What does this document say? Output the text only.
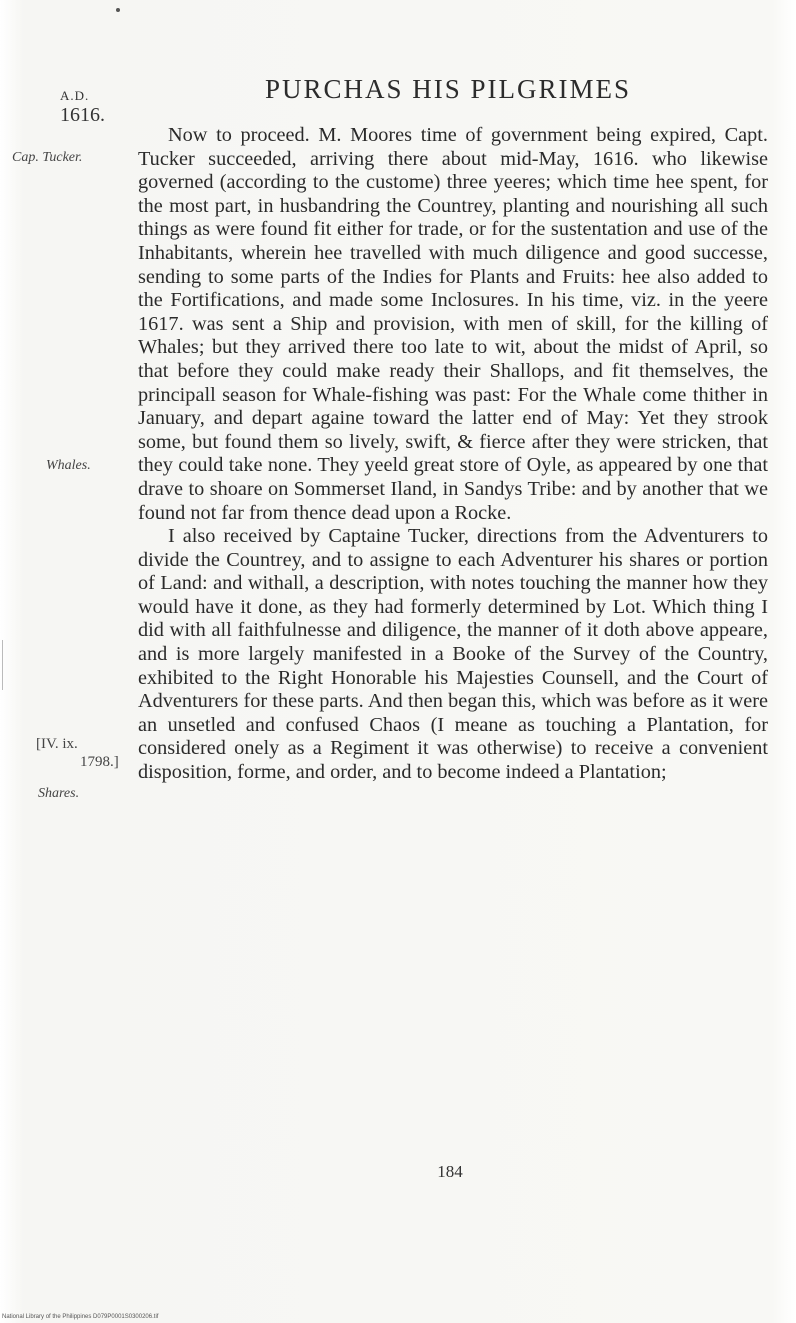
A.D.
1616.
PURCHAS HIS PILGRIMES
Cap. Tucker.
Whales.
[IV. ix.
1798.]
Shares.

Now to proceed. M. Moores time of government being expired, Capt. Tucker succeeded, arriving there about mid-May, 1616. who likewise governed (according to the custome) three yeeres; which time hee spent, for the most part, in husbandring the Countrey, planting and nourishing all such things as were found fit either for trade, or for the sustentation and use of the Inhabitants, wherein hee travelled with much diligence and good successe, sending to some parts of the Indies for Plants and Fruits: hee also added to the Fortifications, and made some Inclosures. In his time, viz. in the yeere 1617. was sent a Ship and provision, with men of skill, for the killing of Whales; but they arrived there too late to wit, about the midst of April, so that before they could make ready their Shallops, and fit themselves, the principall season for Whale-fishing was past: For the Whale come thither in January, and depart againe toward the latter end of May: Yet they strook some, but found them so lively, swift, & fierce after they were stricken, that they could take none. They yeeld great store of Oyle, as appeared by one that drave to shoare on Sommerset Iland, in Sandys Tribe: and by another that we found not far from thence dead upon a Rocke.

I also received by Captaine Tucker, directions from the Adventurers to divide the Countrey, and to assigne to each Adventurer his shares or portion of Land: and withall, a description, with notes touching the manner how they would have it done, as they had formerly determined by Lot. Which thing I did with all faithfulnesse and diligence, the manner of it doth above appeare, and is more largely manifested in a Booke of the Survey of the Country, exhibited to the Right Honorable his Majesties Counsell, and the Court of Adventurers for these parts. And then began this, which was before as it were an unsetled and confused Chaos (I meane as touching a Plantation, for considered onely as a Regiment it was otherwise) to receive a convenient disposition, forme, and order, and to become indeed a Plantation;

184
National Library of the Philippines D079P0001S0300206.tif
